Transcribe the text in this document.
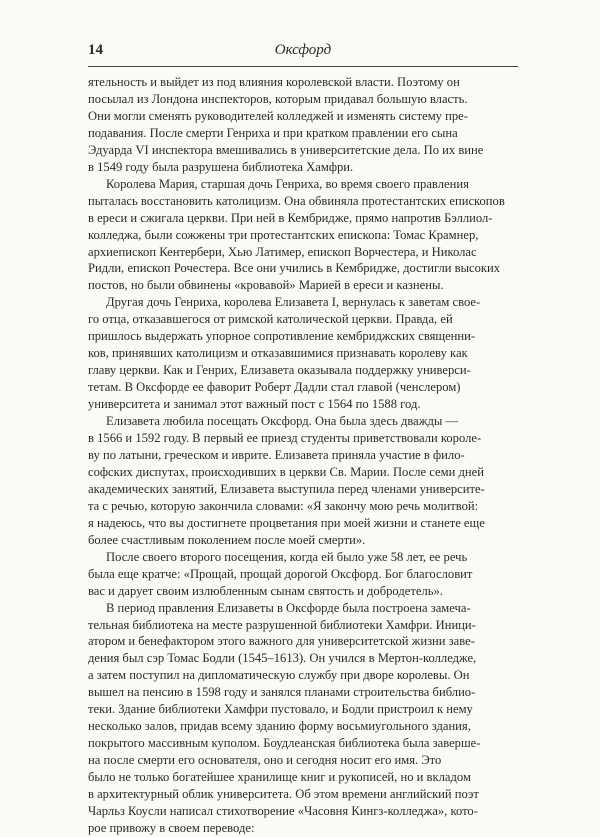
14	Оксфорд
ятельность и выйдет из под влияния королевской власти. Поэтому он
посылал из Лондона инспекторов, которым придавал большую власть.
Они могли сменять руководителей колледжей и изменять систему пре-
подавания. После смерти Генриха и при кратком правлении его сына
Эдуарда VI инспектора вмешивались в университетские дела. По их вине
в 1549 году была разрушена библиотека Хамфри.
Королева Мария, старшая дочь Генриха, во время своего правления
пыталась восстановить католицизм. Она обвиняла протестантских епископов
в ереси и сжигала церкви. При ней в Кембридже, прямо напротив Бэллиол-
колледжа, были сожжены три протестантских епископа: Томас Крамнер,
архиепископ Кентербери, Хью Латимер, епископ Ворчестера, и Николас
Ридли, епископ Рочестера. Все они учились в Кембридже, достигли высоких
постов, но были обвинены «кровавой» Марией в ереси и казнены.
Другая дочь Генриха, королева Елизавета I, вернулась к заветам свое-
го отца, отказавшегося от римской католической церкви. Правда, ей
пришлось выдержать упорное сопротивление кембриджских священни-
ков, принявших католицизм и отказавшимися признавать королеву как
главу церкви. Как и Генрих, Елизавета оказывала поддержку универси-
тетам. В Оксфорде ее фаворит Роберт Дадли стал главой (ченслером)
университета и занимал этот важный пост с 1564 по 1588 год.
Елизавета любила посещать Оксфорд. Она была здесь дважды —
в 1566 и 1592 году. В первый ее приезд студенты приветствовали короле-
ву по латыни, греческом и иврите. Елизавета приняла участие в фило-
софских диспутах, происходивших в церкви Св. Марии. После семи дней
академических занятий, Елизавета выступила перед членами университе-
та с речью, которую закончила словами: «Я закончу мою речь молитвой:
я надеюсь, что вы достигнете процветания при моей жизни и станете еще
более счастливым поколением после моей смерти».
После своего второго посещения, когда ей было уже 58 лет, ее речь
была еще кратче: «Прощай, прощай дорогой Оксфорд. Бог благословит
вас и дарует своим излюбленным сынам святость и добродетель».
В период правления Елизаветы в Оксфорде была построена замеча-
тельная библиотека на месте разрушенной библиотеки Хамфри. Иници-
атором и бенефактором этого важного для университетской жизни заве-
дения был сэр Томас Бодли (1545–1613). Он учился в Мертон-колледже,
а затем поступил на дипломатическую службу при дворе королевы. Он
вышел на пенсию в 1598 году и занялся планами строительства библио-
теки. Здание библиотеки Хамфри пустовало, и Бодли пристроил к нему
несколько залов, придав всему зданию форму восьмиугольного здания,
покрытого массивным куполом. Боудлеанская библиотека была заверше-
на после смерти его основателя, оно и сегодня носит его имя. Это
было не только богатейшее хранилище книг и рукописей, но и вкладом
в архитектурный облик университета. Об этом времени английский поэт
Чарльз Коусли написал стихотворение «Часовня Кингз-колледжа», кото-
рое привожу в своем переводе:
